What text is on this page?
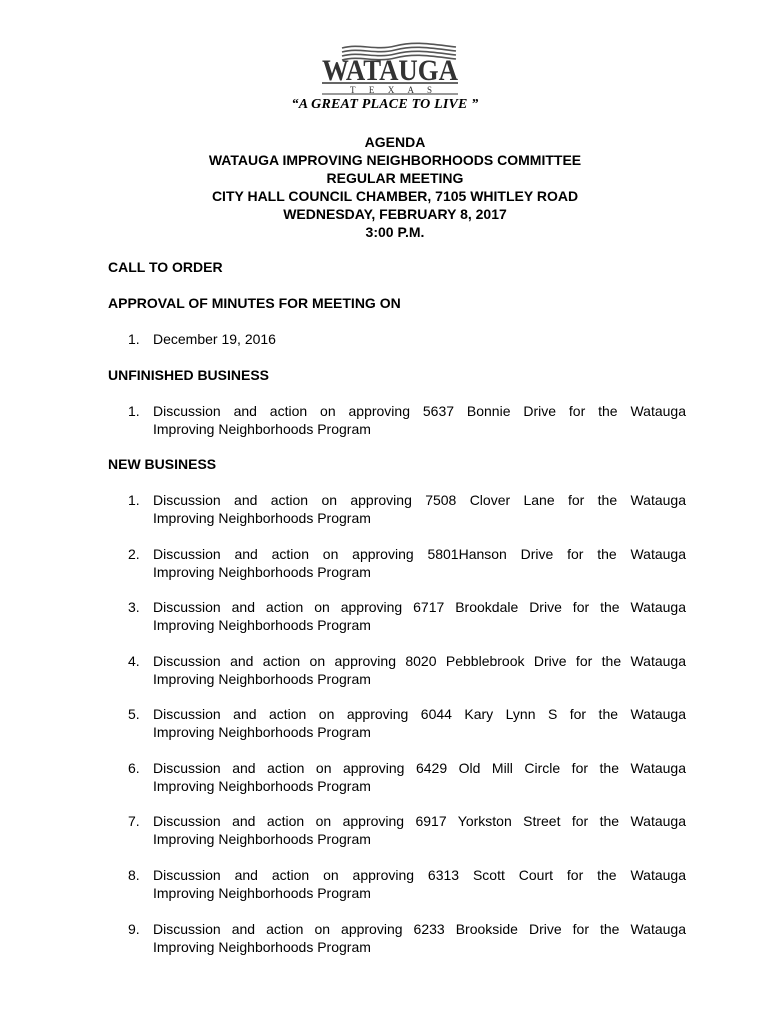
WATAUGA
T E X A S
“A GREAT PLACE TO LIVE ”
AGENDA
WATAUGA IMPROVING NEIGHBORHOODS COMMITTEE
REGULAR MEETING
CITY HALL COUNCIL CHAMBER, 7105 WHITLEY ROAD
WEDNESDAY, FEBRUARY 8, 2017
3:00 P.M.
CALL TO ORDER
APPROVAL OF MINUTES FOR MEETING ON
1. December 19, 2016
UNFINISHED BUSINESS
1. Discussion and action on approving 5637 Bonnie Drive for the Watauga
Improving Neighborhoods Program
NEW BUSINESS
1. Discussion and action on approving 7508 Clover Lane for the Watauga
Improving Neighborhoods Program
2. Discussion and action on approving 5801Hanson Drive for the Watauga
Improving Neighborhoods Program
3. Discussion and action on approving 6717 Brookdale Drive for the Watauga
Improving Neighborhoods Program
4. Discussion and action on approving 8020 Pebblebrook Drive for the Watauga
Improving Neighborhoods Program
5. Discussion and action on approving 6044 Kary Lynn S for the Watauga
Improving Neighborhoods Program
6. Discussion and action on approving 6429 Old Mill Circle for the Watauga
Improving Neighborhoods Program
7. Discussion and action on approving 6917 Yorkston Street for the Watauga
Improving Neighborhoods Program
8. Discussion and action on approving 6313 Scott Court for the Watauga
Improving Neighborhoods Program
9. Discussion and action on approving 6233 Brookside Drive for the Watauga
Improving Neighborhoods Program
